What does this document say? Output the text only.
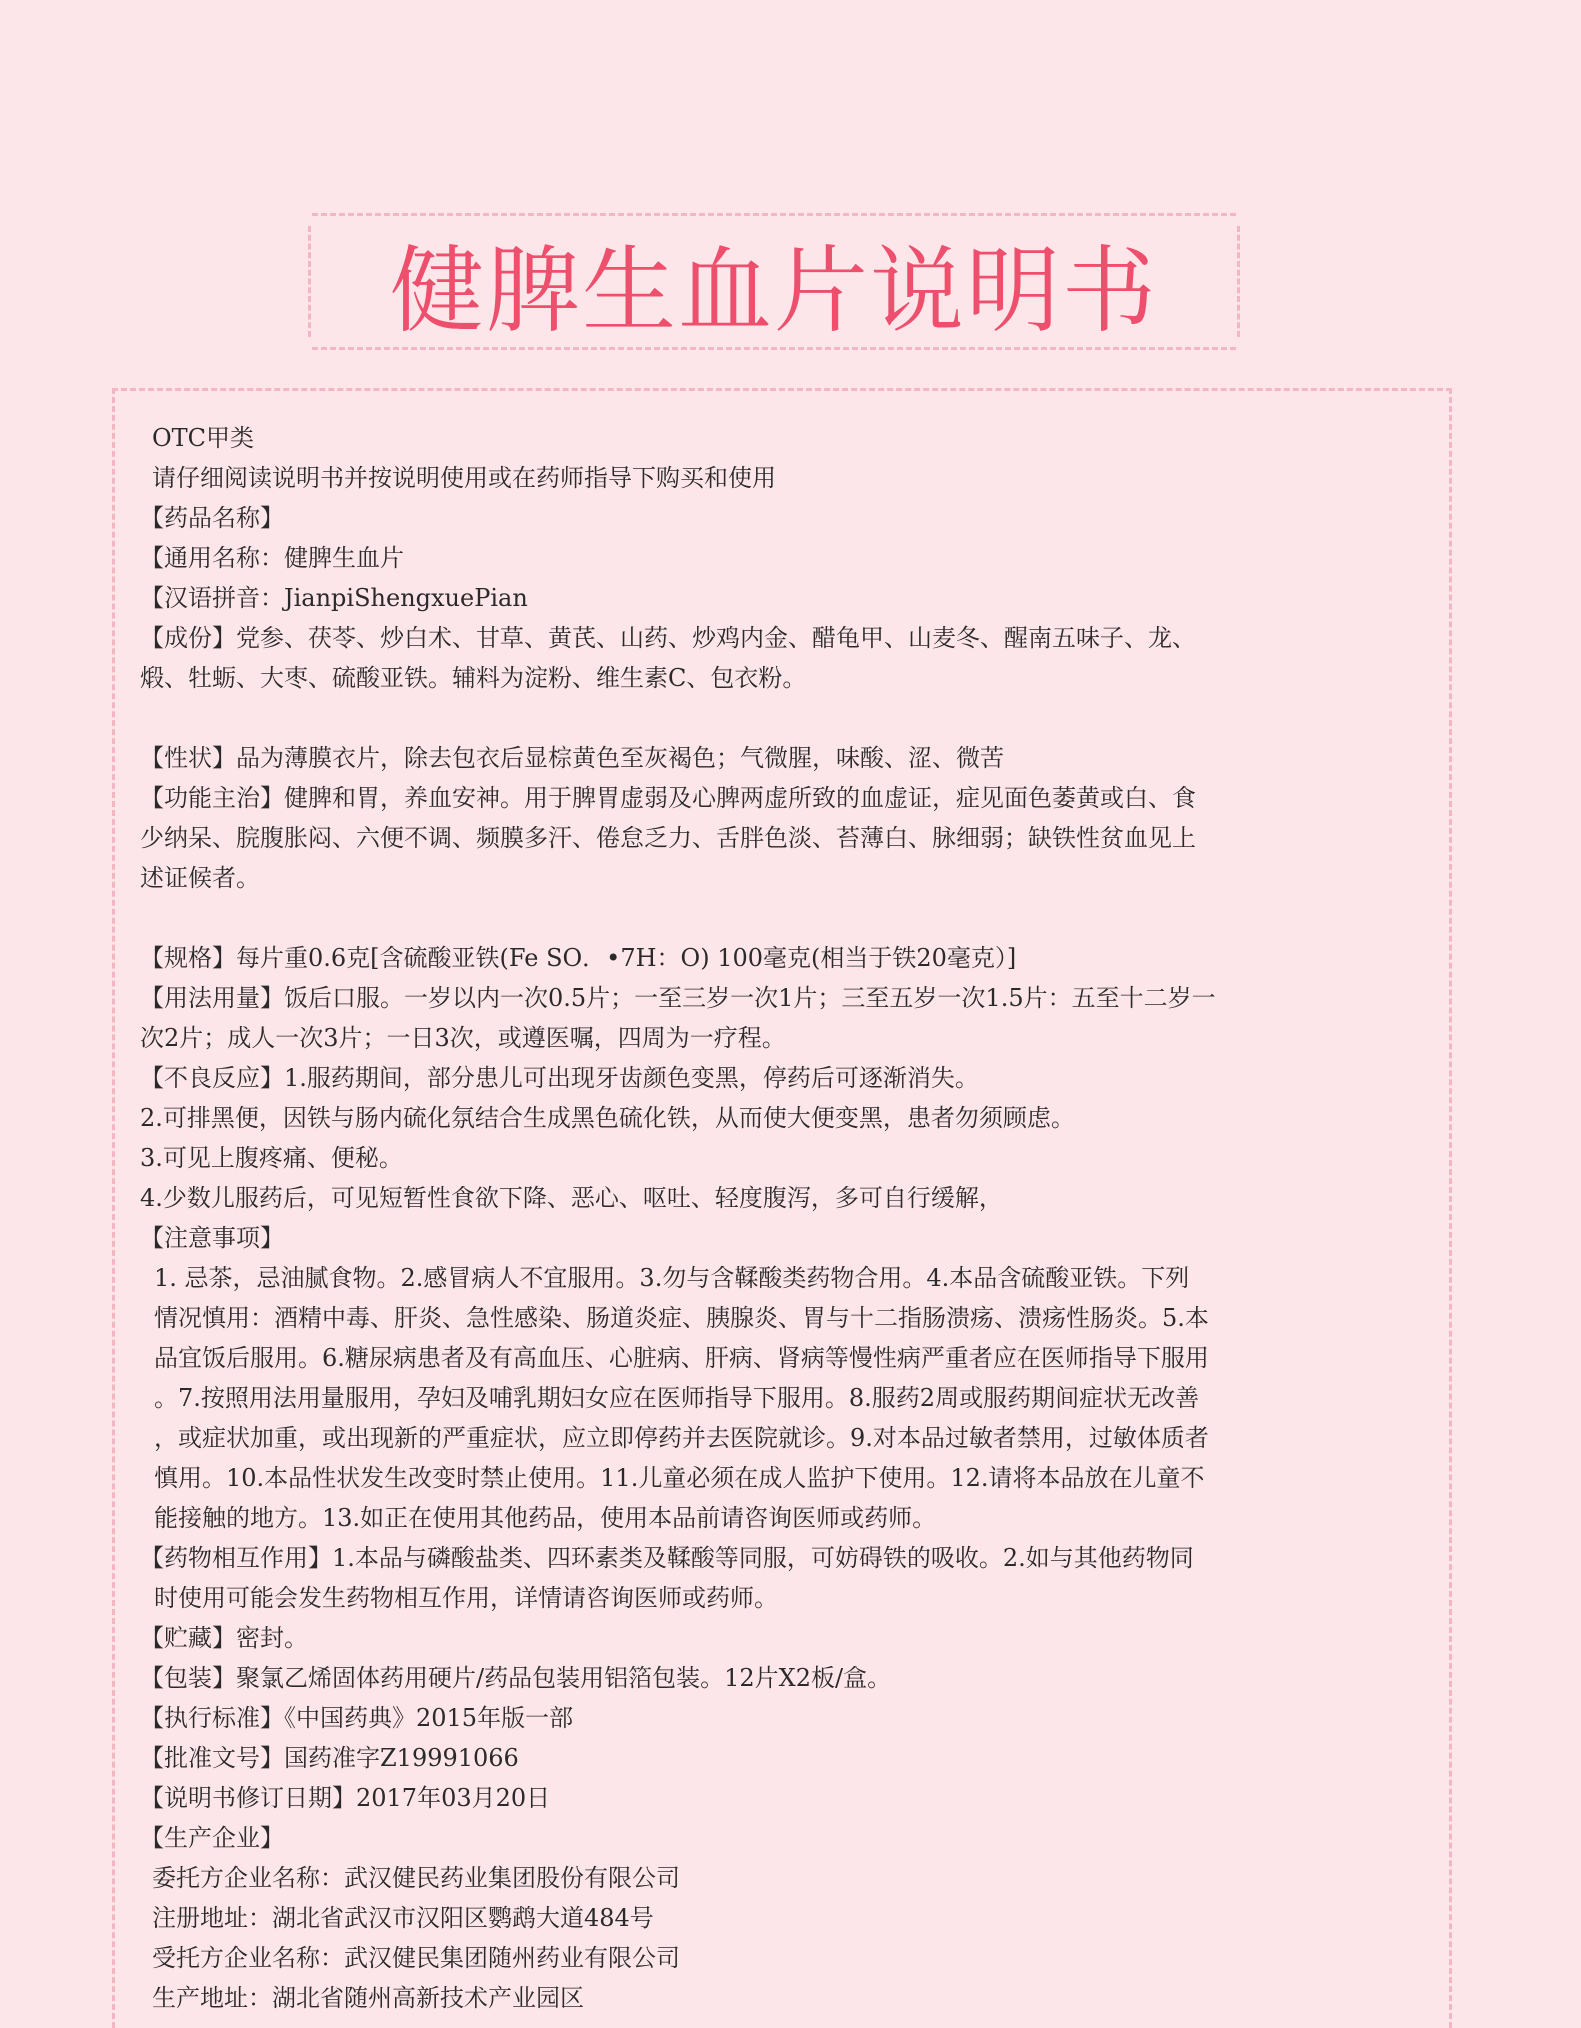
健脾生血片说明书
OTC甲类
请仔细阅读说明书并按说明使用或在药师指导下购买和使用
【药品名称】
【通用名称：健脾生血片
【汉语拼音：JianpiShengxuePian
【成份】党参、茯苓、炒白术、甘草、黄芪、山药、炒鸡内金、醋龟甲、山麦冬、醒南五味子、龙、
煅、牡蛎、大枣、硫酸亚铁。辅料为淀粉、维生素C、包衣粉。
【性状】品为薄膜衣片，除去包衣后显棕黄色至灰褐色；气微腥，味酸、涩、微苦
【功能主治】健脾和胃，养血安神。用于脾胃虚弱及心脾两虚所致的血虚证，症见面色萎黄或白、食
少纳呆、脘腹胀闷、六便不调、频膜多汗、倦怠乏力、舌胖色淡、苔薄白、脉细弱；缺铁性贫血见上
述证候者。
【规格】每片重0.6克[含硫酸亚铁(Fe SO．•7H：O) 100毫克(相当于铁20毫克）]
【用法用量】饭后口服。一岁以内一次0.5片；一至三岁一次1片；三至五岁一次1.5片：五至十二岁一
次2片；成人一次3片；一日3次，或遵医嘱，四周为一疗程。
【不良反应】1.服药期间，部分患儿可出现牙齿颜色变黑，停药后可逐渐消失。
2.可排黑便，因铁与肠内硫化氛结合生成黑色硫化铁，从而使大便变黑，患者勿须顾虑。
3.可见上腹疼痛、便秘。
4.少数儿服药后，可见短暂性食欲下降、恶心、呕吐、轻度腹泻，多可自行缓解，
【注意事项】
1. 忌茶，忌油腻食物。2.感冒病人不宜服用。3.勿与含鞣酸类药物合用。4.本品含硫酸亚铁。下列
情况慎用：酒精中毒、肝炎、急性感染、肠道炎症、胰腺炎、胃与十二指肠溃疡、溃疡性肠炎。5.本
品宜饭后服用。6.糖尿病患者及有高血压、心脏病、肝病、肾病等慢性病严重者应在医师指导下服用
。7.按照用法用量服用，孕妇及哺乳期妇女应在医师指导下服用。8.服药2周或服药期间症状无改善
，或症状加重，或出现新的严重症状，应立即停药并去医院就诊。9.对本品过敏者禁用，过敏体质者
慎用。10.本品性状发生改变时禁止使用。11.儿童必须在成人监护下使用。12.请将本品放在儿童不
能接触的地方。13.如正在使用其他药品，使用本品前请咨询医师或药师。
【药物相互作用】1.本品与磷酸盐类、四环素类及鞣酸等同服，可妨碍铁的吸收。2.如与其他药物同
时使用可能会发生药物相互作用，详情请咨询医师或药师。
【贮藏】密封。
【包装】聚氯乙烯固体药用硬片/药品包装用铝箔包装。12片X2板/盒。
【执行标准】《中国药典》2015年版一部
【批准文号】国药准字Z19991066
【说明书修订日期】2017年03月20日
【生产企业】
委托方企业名称：武汉健民药业集团股份有限公司
注册地址：湖北省武汉市汉阳区鹦鹉大道484号
受托方企业名称：武汉健民集团随州药业有限公司
生产地址：湖北省随州高新技术产业园区
